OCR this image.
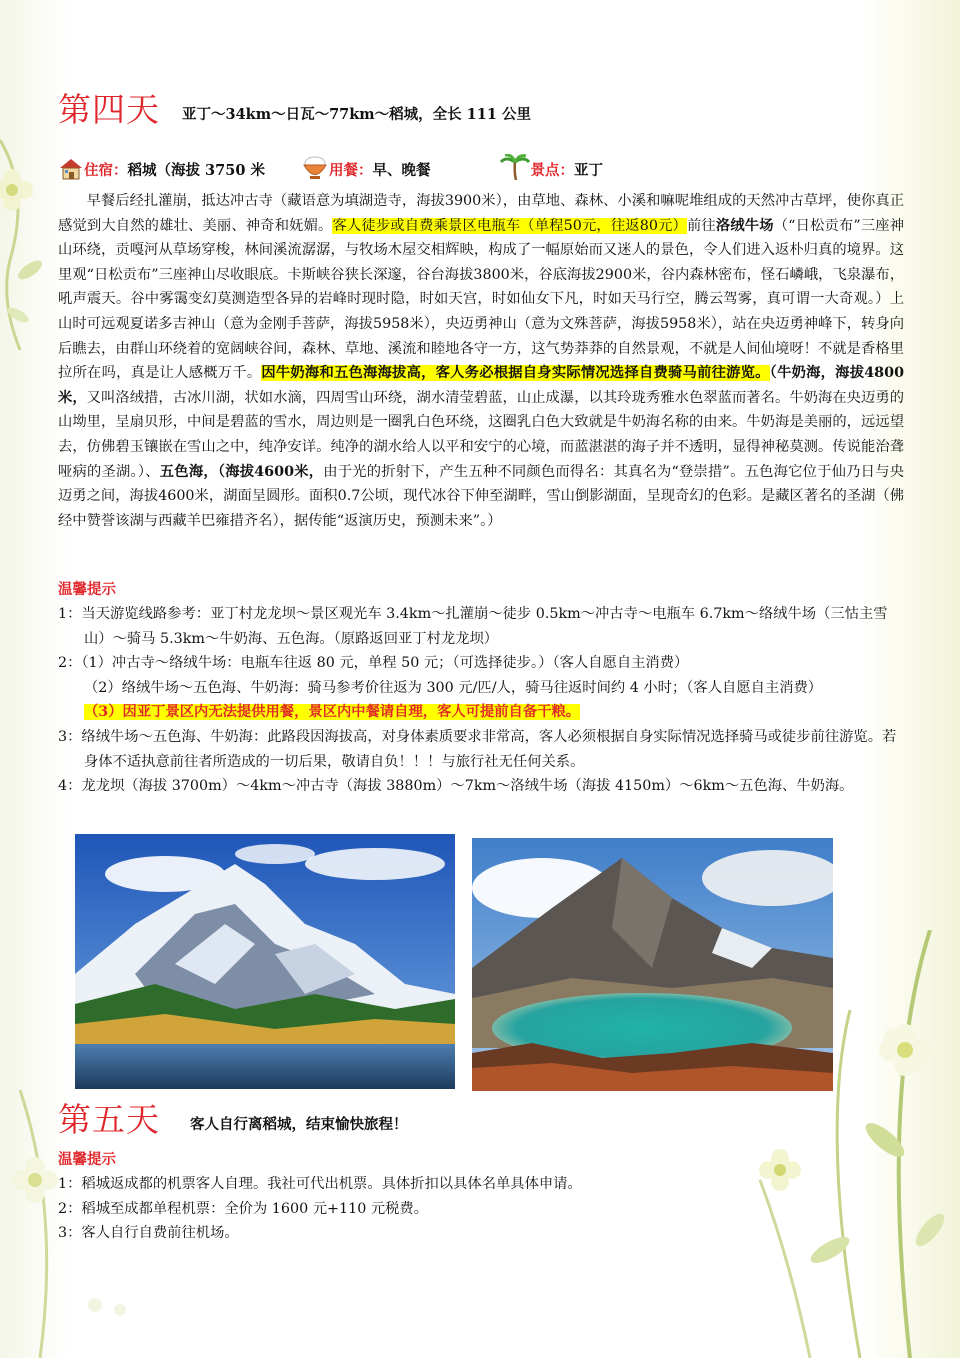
第四天 亚丁～34km～日瓦～77km～稻城，全长 111 公里
住宿： 稻城（海拔 3750 米	用餐： 早、晚餐	景点： 亚丁

早餐后经扎灌崩，抵达冲古寺（藏语意为填湖造寺，海拔3900米），由草地、森林、小溪和嘛呢堆组成的天然冲古草坪，使你真正感觉到大自然的雄壮、美丽、神奇和妩媚。客人徒步或自费乘景区电瓶车（单程50元，往返80元）前往洛绒牛场（“日松贡布”三座神山环绕，贡嘎河从草场穿梭，林间溪流潺潺，与牧场木屋交相辉映，构成了一幅原始而又迷人的景色，令人们进入返朴归真的境界。这里观“日松贡布”三座神山尽收眼底。卡斯峡谷狭长深邃，谷台海拔3800米，谷底海拔2900米，谷内森林密布，怪石嶙峨，飞泉瀑布，吼声震天。谷中雾霭变幻莫测造型各异的岩峰时现时隐，时如天宫，时如仙女下凡，时如天马行空，腾云驾雾，真可谓一大奇观。）上山时可远观夏诺多吉神山（意为金刚手菩萨，海拔5958米），央迈勇神山（意为文殊菩萨，海拔5958米），站在央迈勇神峰下，转身向后瞧去，由群山环绕着的宽阔峡谷间，森林、草地、溪流和睦地各守一方，这气势莽莽的自然景观，不就是人间仙境呀！不就是香格里拉所在吗，真是让人感概万千。因牛奶海和五色海海拔高，客人务必根据自身实际情况选择自费骑马前往游览。（牛奶海，海拔4800米，又叫洛绒措，古冰川湖，状如水滴，四周雪山环绕，湖水清莹碧蓝，山止成瀑，以其玲珑秀雅水色翠蓝而著名。牛奶海在央迈勇的山坳里，呈扇贝形，中间是碧蓝的雪水，周边则是一圈乳白色环绕，这圈乳白色大致就是牛奶海名称的由来。牛奶海是美丽的，远远望去，仿佛碧玉镶嵌在雪山之中，纯净安详。纯净的湖水给人以平和安宁的心境，而蓝湛湛的海子并不透明，显得神秘莫测。传说能治聋哑病的圣湖。）、五色海，（海拔4600米，由于光的折射下，产生五种不同颜色而得名：其真名为“登崇措”。五色海它位于仙乃日与央迈勇之间，海拔4600米，湖面呈圆形。面积0.7公顷，现代冰谷下伸至湖畔，雪山倒影湖面，呈现奇幻的色彩。是藏区著名的圣湖（佛经中赞誉该湖与西藏羊巴雍措齐名），据传能“返演历史，预测未来”。）

温馨提示

1：当天游览线路参考：亚丁村龙龙坝～景区观光车 3.4km～扎灌崩～徒步 0.5km～冲古寺～电瓶车 6.7km～络绒牛场（三怙主雪山）～骑马 5.3km～牛奶海、五色海。（原路返回亚丁村龙龙坝）

2：（1）冲古寺～络绒牛场：电瓶车往返 80 元，单程 50 元；（可选择徒步。）（客人自愿自主消费）

（2）络绒牛场～五色海、牛奶海：骑马参考价往返为 300 元/匹/人，骑马往返时间约 4 小时；（客人自愿自主消费）

（3）因亚丁景区内无法提供用餐，景区内中餐请自理，客人可提前自备干粮。

3：络绒牛场～五色海、牛奶海：此路段因海拔高，对身体素质要求非常高，客人必须根据自身实际情况选择骑马或徒步前往游览。若身体不适执意前往者所造成的一切后果，敬请自负！！！与旅行社无任何关系。

4：龙龙坝（海拔 3700m）～4km～冲古寺（海拔 3880m）～7km～洛绒牛场（海拔 4150m）～6km～五色海、牛奶海。

第五天 客人自行离稻城，结束愉快旅程！
温馨提示

1：稻城返成都的机票客人自理。我社可代出机票。具体折扣以具体名单具体申请。

2：稻城至成都单程机票：全价为 1600 元+110 元税费。

3：客人自行自费前往机场。
